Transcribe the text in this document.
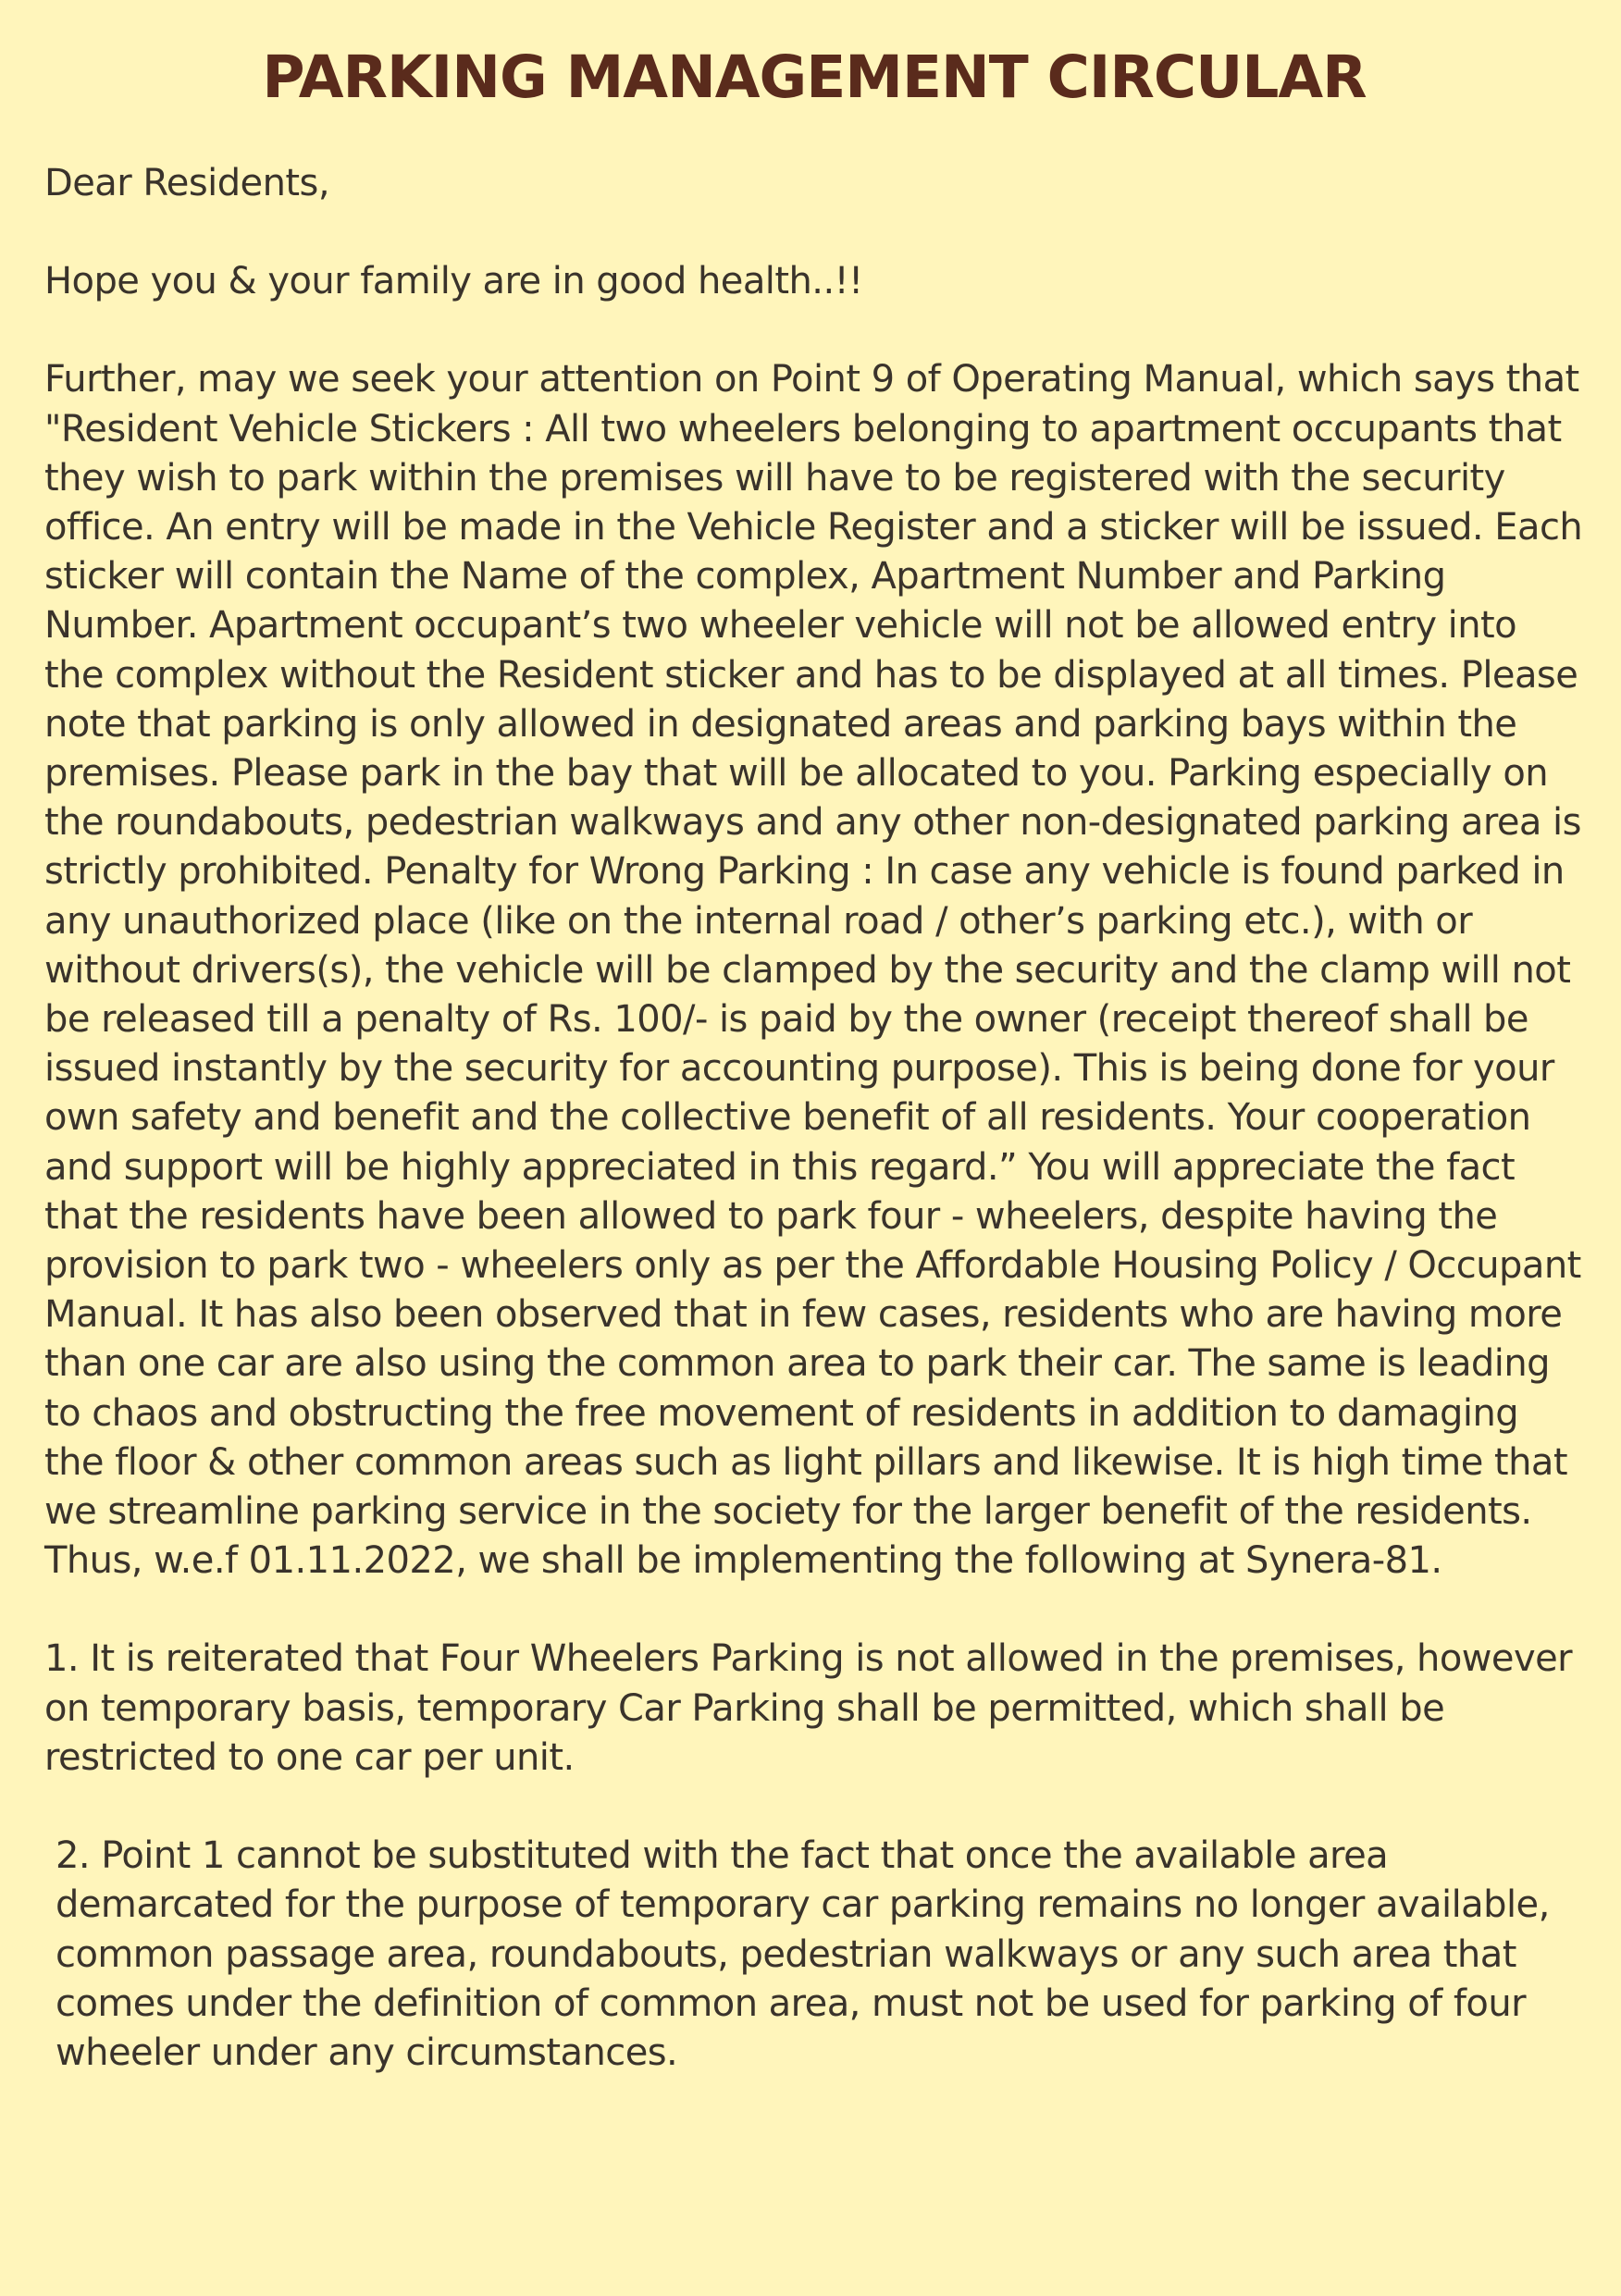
PARKING MANAGEMENT CIRCULAR

Dear Residents,

Hope you & your family are in good health..!!

Further, may we seek your attention on Point 9 of Operating Manual, which says that "Resident Vehicle Stickers : All two wheelers belonging to apartment occupants that they wish to park within the premises will have to be registered with the security office. An entry will be made in the Vehicle Register and a sticker will be issued. Each sticker will contain the Name of the complex, Apartment Number and Parking Number. Apartment occupant’s two wheeler vehicle will not be allowed entry into the complex without the Resident sticker and has to be displayed at all times. Please note that parking is only allowed in designated areas and parking bays within the premises. Please park in the bay that will be allocated to you. Parking especially on the roundabouts, pedestrian walkways and any other non-designated parking area is strictly prohibited. Penalty for Wrong Parking : In case any vehicle is found parked in any unauthorized place (like on the internal road / other’s parking etc.), with or without drivers(s), the vehicle will be clamped by the security and the clamp will not be released till a penalty of Rs. 100/- is paid by the owner (receipt thereof shall be issued instantly by the security for accounting purpose). This is being done for your own safety and benefit and the collective benefit of all residents. Your cooperation and support will be highly appreciated in this regard.” You will appreciate the fact that the residents have been allowed to park four - wheelers, despite having the provision to park two - wheelers only as per the Affordable Housing Policy / Occupant Manual. It has also been observed that in few cases, residents who are having more than one car are also using the common area to park their car. The same is leading to chaos and obstructing the free movement of residents in addition to damaging the floor & other common areas such as light pillars and likewise. It is high time that we streamline parking service in the society for the larger benefit of the residents. Thus, w.e.f 01.11.2022, we shall be implementing the following at Synera-81.

1. It is reiterated that Four Wheelers Parking is not allowed in the premises, however on temporary basis, temporary Car Parking shall be permitted, which shall be restricted to one car per unit.

2. Point 1 cannot be substituted with the fact that once the available area demarcated for the purpose of temporary car parking remains no longer available, common passage area, roundabouts, pedestrian walkways or any such area that comes under the definition of common area, must not be used for parking of four wheeler under any circumstances.
